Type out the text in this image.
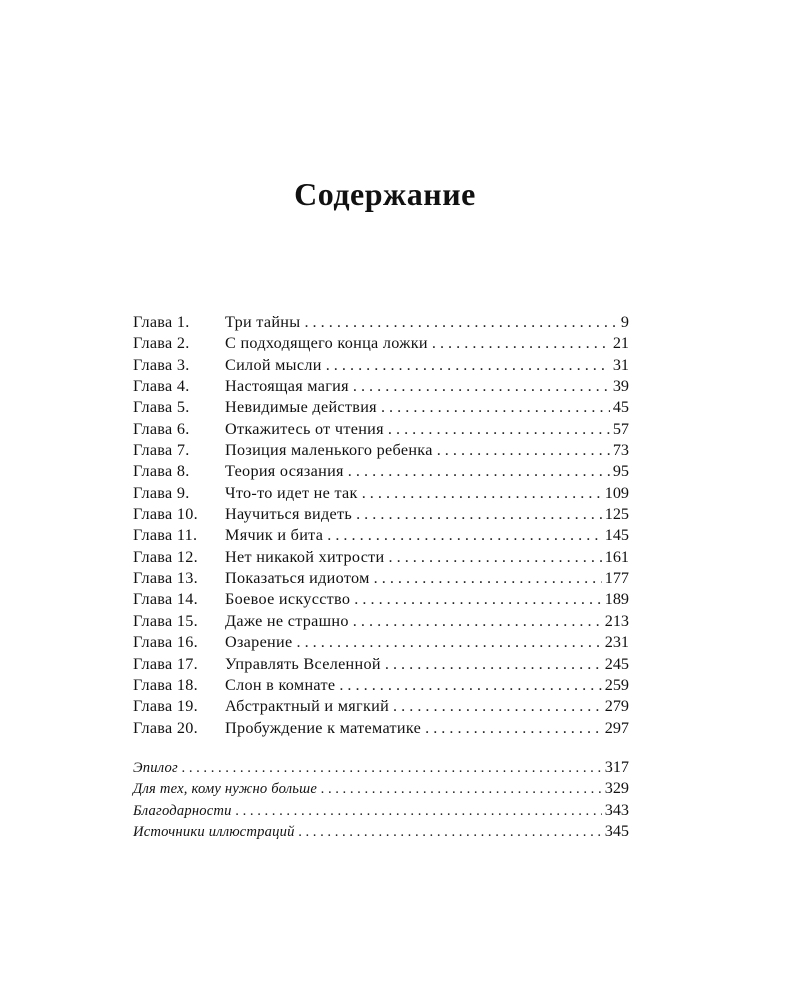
Содержание
Глава 1.	Три тайны . . .	9
Глава 2.	С подходящего конца ложки . . .	21
Глава 3.	Силой мысли . . .	31
Глава 4.	Настоящая магия . . .	39
Глава 5.	Невидимые действия . . .	45
Глава 6.	Откажитесь от чтения . . .	57
Глава 7.	Позиция маленького ребенка . . .	73
Глава 8.	Теория осязания . . .	95
Глава 9.	Что-то идет не так . . .	109
Глава 10.	Научиться видеть . . .	125
Глава 11.	Мячик и бита . . .	145
Глава 12.	Нет никакой хитрости . . .	161
Глава 13.	Показаться идиотом . . .	177
Глава 14.	Боевое искусство . . .	189
Глава 15.	Даже не страшно . . .	213
Глава 16.	Озарение . . .	231
Глава 17.	Управлять Вселенной . . .	245
Глава 18.	Слон в комнате . . .	259
Глава 19.	Абстрактный и мягкий . . .	279
Глава 20.	Пробуждение к математике . . .	297
Эпилог . . .	317
Для тех, кому нужно больше . . .	329
Благодарности . . .	343
Источники иллюстраций . . .	345
